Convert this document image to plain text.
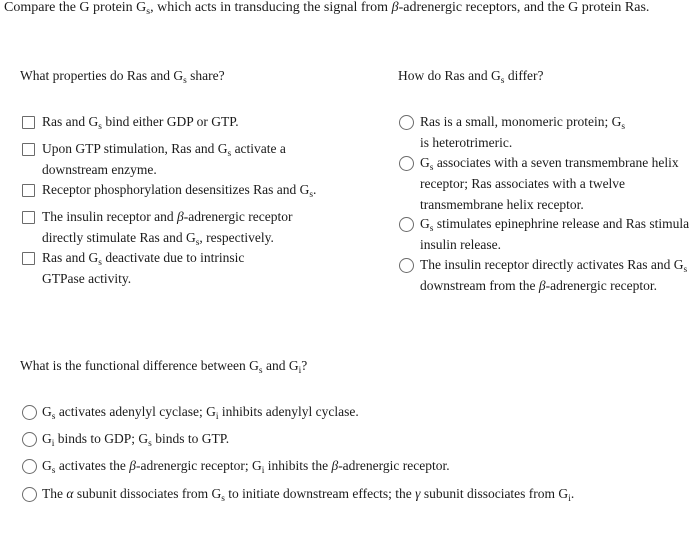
Compare the G protein $G_s$, which acts in transducing the signal from β-adrenergic receptors, and the G protein Ras.
What properties do Ras and $G_s$ share?
Ras and $G_s$ bind either GDP or GTP.
Upon GTP stimulation, Ras and $G_s$ activate a
downstream enzyme.
Receptor phosphorylation desensitizes Ras and $G_s$.
The insulin receptor and β-adrenergic receptor
directly stimulate Ras and $G_s$, respectively.
Ras and $G_s$ deactivate due to intrinsic
GTPase activity.
How do Ras and $G_s$ differ?
Ras is a small, monomeric protein; $G_s$
is heterotrimeric.
$G_s$ associates with a seven transmembrane helix
receptor; Ras associates with a twelve
transmembrane helix receptor.
$G_s$ stimulates epinephrine release and Ras stimula
insulin release.
The insulin receptor directly activates Ras and $G_s$
downstream from the β-adrenergic receptor.
What is the functional difference between $G_s$ and $G_i$?
$G_s$ activates adenylyl cyclase; $G_i$ inhibits adenylyl cyclase.
$G_i$ binds to GDP; $G_s$ binds to GTP.
$G_s$ activates the β-adrenergic receptor; $G_i$ inhibits the β-adrenergic receptor.
The α subunit dissociates from $G_s$ to initiate downstream effects; the γ subunit dissociates from $G_i$.
